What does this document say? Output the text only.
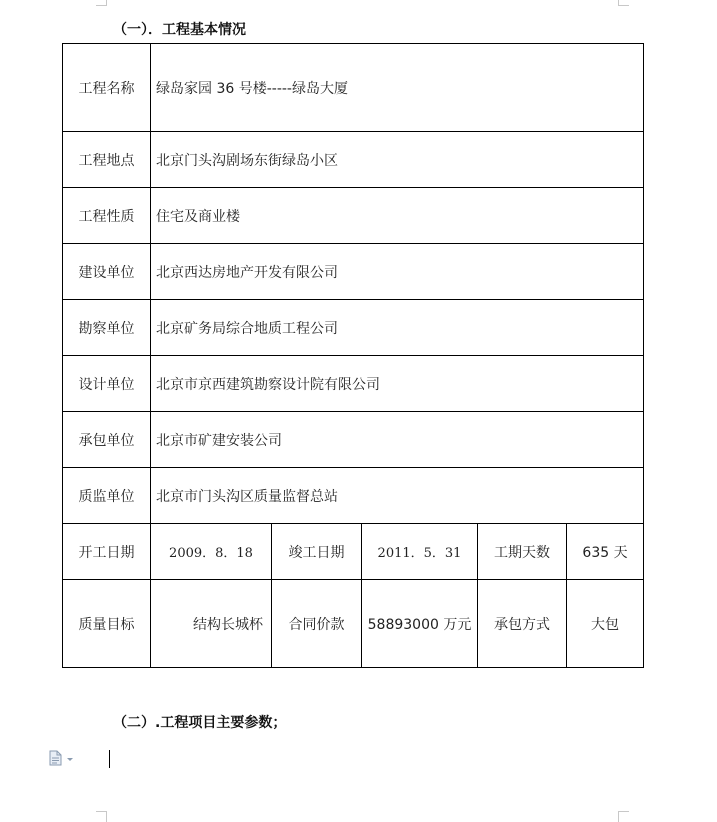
（一）．工程基本情况
工程名称	绿岛家园 36 号楼-----绿岛大厦				
工程地点	北京门头沟剧场东街绿岛小区				
工程性质	住宅及商业楼				
建设单位	北京西达房地产开发有限公司				
勘察单位	北京矿务局综合地质工程公司				
设计单位	北京市京西建筑勘察设计院有限公司				
承包单位	北京市矿建安装公司				
质监单位	北京市门头沟区质量监督总站				
开工日期	2009．8．18	竣工日期	2011．5．31	工期天数	635 天
质量目标	结构长城杯	合同价款	58893000 万元	承包方式	大包
（二）.工程项目主要参数；
